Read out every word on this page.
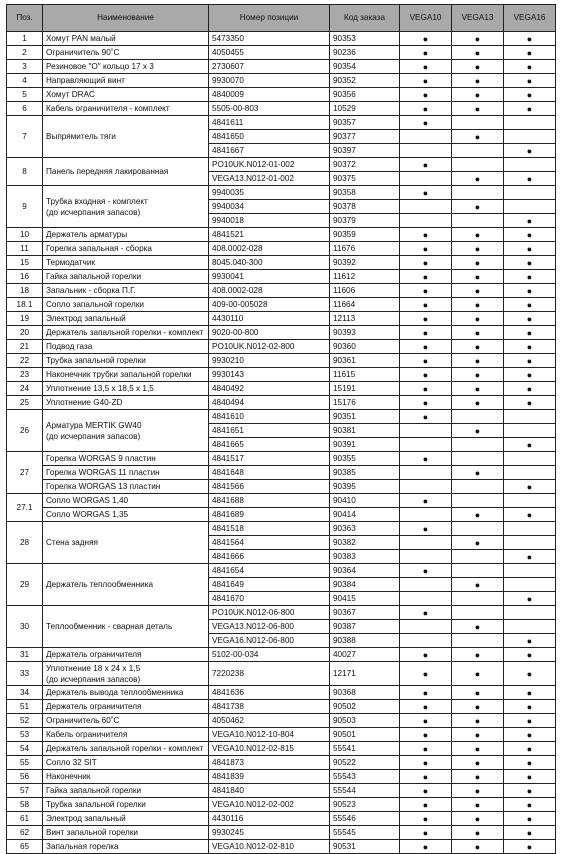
Поз.	Наименование	Номер позиции	Код заказа	VEGA10	VEGA13	VEGA16
1	Хомут PAN малый	5473350	90353	●	●	●
2	Ограничитель 90˚С	4050455	90236	●	●	●
3	Резиновое "О" кольцо 17 х 3	2730607	90354	●	●	●
4	Направляющий винт	9930070	90352	●	●	●
5	Хомут DRAC	4840009	90356	●	●	●
6	Кабель ограничителя - комплект	5505-00-803	10529	●	●	●
7	Выпрямитель тяги	4841611	90357	●		
		4841650	90377		●	
		4841667	90397			●
8	Панель передняя лакированная	PO10UK.N012-01-002	90372	●		
		VEGA13.N012-01-002	90375		●	●
9	Трубка входная - комплект
(до исчерпания запасов)	9940035	90358	●		
		9940034	90378		●	
		9940018	90379			●
10	Держатель арматуры	4841521	90359	●	●	●
11	Горелка запальная - сборка	408.0002-028	11676	●	●	●
15	Термодатчик	8045.040-300	90392	●	●	●
16	Гайка запальной горелки	9930041	11612	●	●	●
18	Запальник - сборка П.Г.	408.0002-028	11606	●	●	●
18.1	Сопло запальной горелки	409-00-005028	11664	●	●	●
19	Электрод запальный	4430110	12113	●	●	●
20	Держатель запальной горелки - комплект	9020-00-800	90393	●	●	●
21	Подвод газа	PO10UK.N012-02-800	90360	●	●	●
22	Трубка запальной горелки	9930210	90361	●	●	●
23	Наконечник трубки запальной горелки	9930143	11615	●	●	●
24	Уплотнение 13,5 х 18,5 х 1,5	4840492	15191	●	●	●
25	Уплотнение G40-ZD	4840494	15176	●	●	●
26	Арматура MERTIK GW40
(до исчерпания запасов)	4841610	90351	●		
		4841651	90381		●	
		4841665	90391			●
27	Горелка WORGAS 9 пластин	4841517	90355	●		
	Горелка WORGAS 11 пластин	4841648	90385		●	
	Горелка WORGAS 13 пластин	4841566	90395			●
27.1	Сопло WORGAS 1,40	4841688	90410	●		
	Сопло WORGAS 1,35	4841689	90414		●	●
28	Стена задняя	4841518	90363	●		
		4841564	90382		●	
		4841666	90383			●
29	Держатель теплообменника	4841654	90364	●		
		4841649	90384		●	
		4841670	90415			●
30	Теплообменник - сварная деталь	PO10UK.N012-06-800	90367	●		
		VEGA13.N012-06-800	90387		●	
		VEGA16.N012-06-800	90388			●
31	Держатель ограничителя	5102-00-034	40027	●	●	●
33	Уплотнение 18 х 24 х 1,5
(до исчерпания запасов)	7220238	12171	●	●	●
34	Держатель вывода теплообменника	4841636	90368	●	●	●
51	Держатель ограничителя	4841738	90502	●	●	●
52	Ограничитель 60˚С	4050462	90503	●	●	●
53	Кабель ограничителя	VEGA10.N012-10-804	90501	●	●	●
54	Держатель запальной горелки - комплект	VEGA10.N012-02-815	55541	●	●	●
55	Сопло 32 SIT	4841873	90522	●	●	●
56	Наконечник	4841839	55543	●	●	●
57	Гайка запальной горелки	4841840	55544	●	●	●
58	Трубка запальной горелки	VEGA10.N012-02-002	90523	●	●	●
61	Электрод запальный	4430116	55546	●	●	●
62	Винт запальной горелки	9930245	55545	●	●	●
65	Запальная горелка	VEGA10.N012-02-810	90531	●	●	●
